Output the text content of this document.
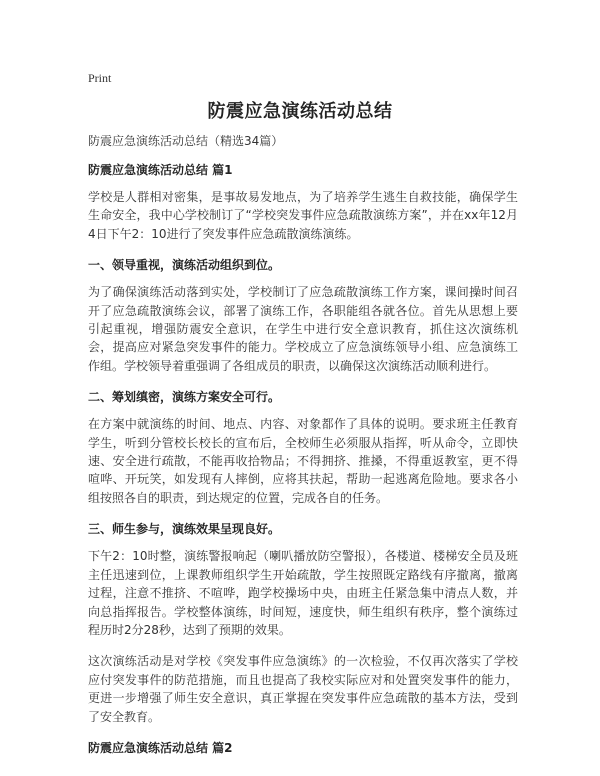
Print
防震应急演练活动总结

防震应急演练活动总结（精选34篇）

防震应急演练活动总结 篇1

学校是人群相对密集，是事故易发地点，为了培养学生逃生自救技能，确保学生生命安全，我中心学校制订了“学校突发事件应急疏散演练方案”，并在xx年12月4日下午2：10进行了突发事件应急疏散演练演练。

一、领导重视，演练活动组织到位。

为了确保演练活动落到实处，学校制订了应急疏散演练工作方案，课间操时间召开了应急疏散演练会议，部署了演练工作，各职能组各就各位。首先从思想上要引起重视，增强防震安全意识，在学生中进行安全意识教育，抓住这次演练机会，提高应对紧急突发事件的能力。学校成立了应急演练领导小组、应急演练工作组。学校领导着重强调了各组成员的职责，以确保这次演练活动顺利进行。

二、筹划缜密，演练方案安全可行。

在方案中就演练的时间、地点、内容、对象都作了具体的说明。要求班主任教育学生，听到分管校长校长的宣布后，全校师生必须服从指挥，听从命令，立即快速、安全进行疏散，不能再收拾物品；不得拥挤、推搡，不得重返教室，更不得喧哗、开玩笑，如发现有人摔倒，应将其扶起，帮助一起逃离危险地。要求各小组按照各自的职责，到达规定的位置，完成各自的任务。

三、师生参与，演练效果呈现良好。

下午2：10时整，演练警报响起（喇叭播放防空警报），各楼道、楼梯安全员及班主任迅速到位，上课教师组织学生开始疏散，学生按照既定路线有序撤离，撤离过程，注意不推挤、不喧哗，跑学校操场中央，由班主任紧急集中清点人数，并向总指挥报告。学校整体演练，时间短，速度快，师生组织有秩序，整个演练过程历时2分28秒，达到了预期的效果。

这次演练活动是对学校《突发事件应急演练》的一次检验，不仅再次落实了学校应付突发事件的防范措施，而且也提高了我校实际应对和处置突发事件的能力，更进一步增强了师生安全意识，真正掌握在突发事件应急疏散的基本方法，受到了安全教育。

防震应急演练活动总结 篇2
